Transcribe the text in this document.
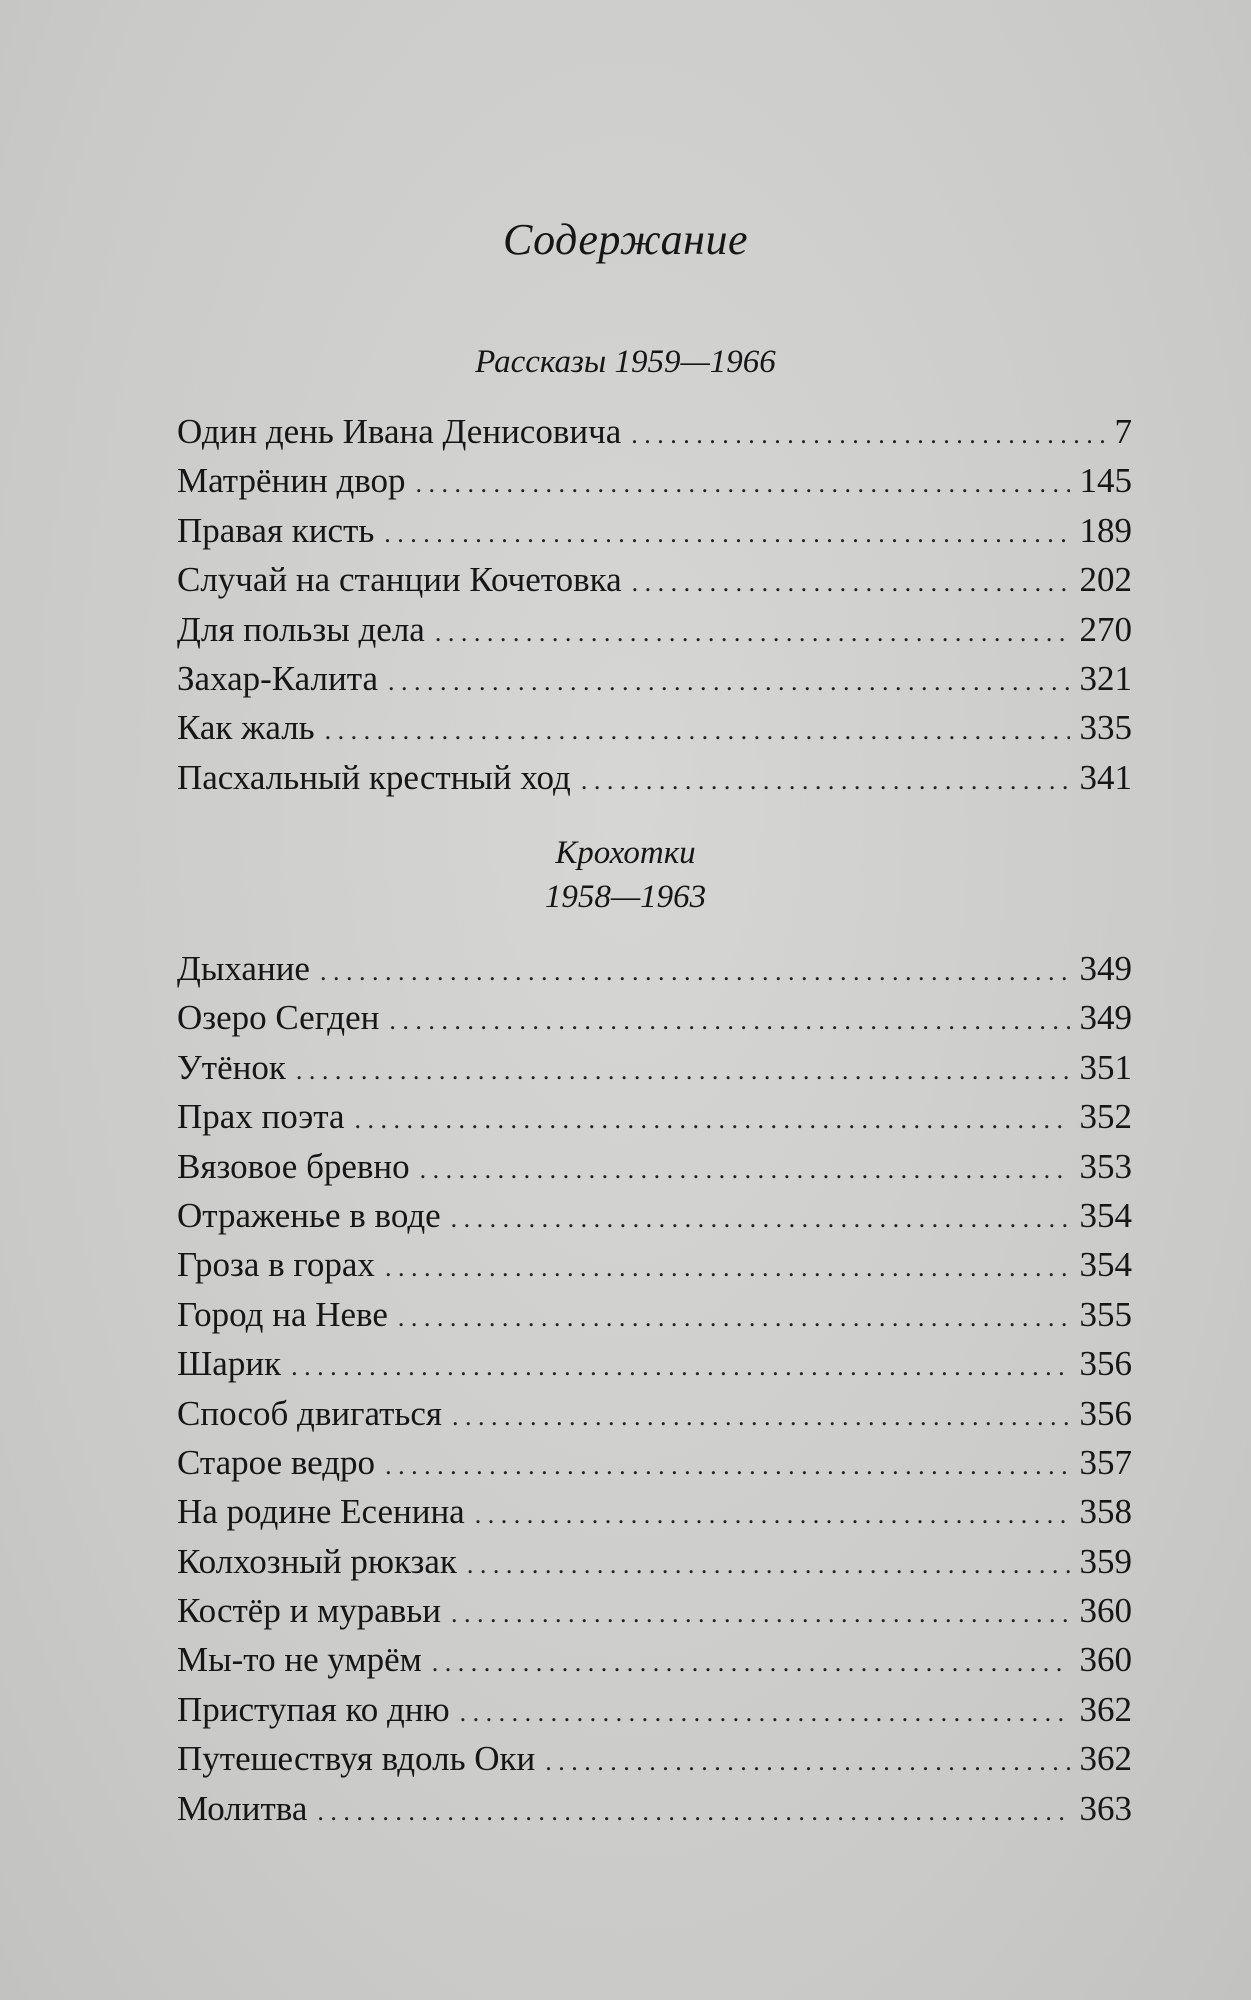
Содержание
Рассказы 1959—1966
Один день Ивана Денисовича . . .	7
Матрёнин двор . . .	145
Правая кисть . . .	189
Случай на станции Кочетовка . . .	202
Для пользы дела . . .	270
Захар-Калита . . .	321
Как жаль . . .	335
Пасхальный крестный ход . . .	341
Крохотки
1958—1963
Дыхание . . .	349
Озеро Сегден . . .	349
Утёнок . . .	351
Прах поэта . . .	352
Вязовое бревно . . .	353
Отраженье в воде . . .	354
Гроза в горах . . .	354
Город на Неве . . .	355
Шарик . . .	356
Способ двигаться . . .	356
Старое ведро . . .	357
На родине Есенина . . .	358
Колхозный рюкзак . . .	359
Костёр и муравьи . . .	360
Мы-то не умрём . . .	360
Приступая ко дню . . .	362
Путешествуя вдоль Оки . . .	362
Молитва . . .	363
